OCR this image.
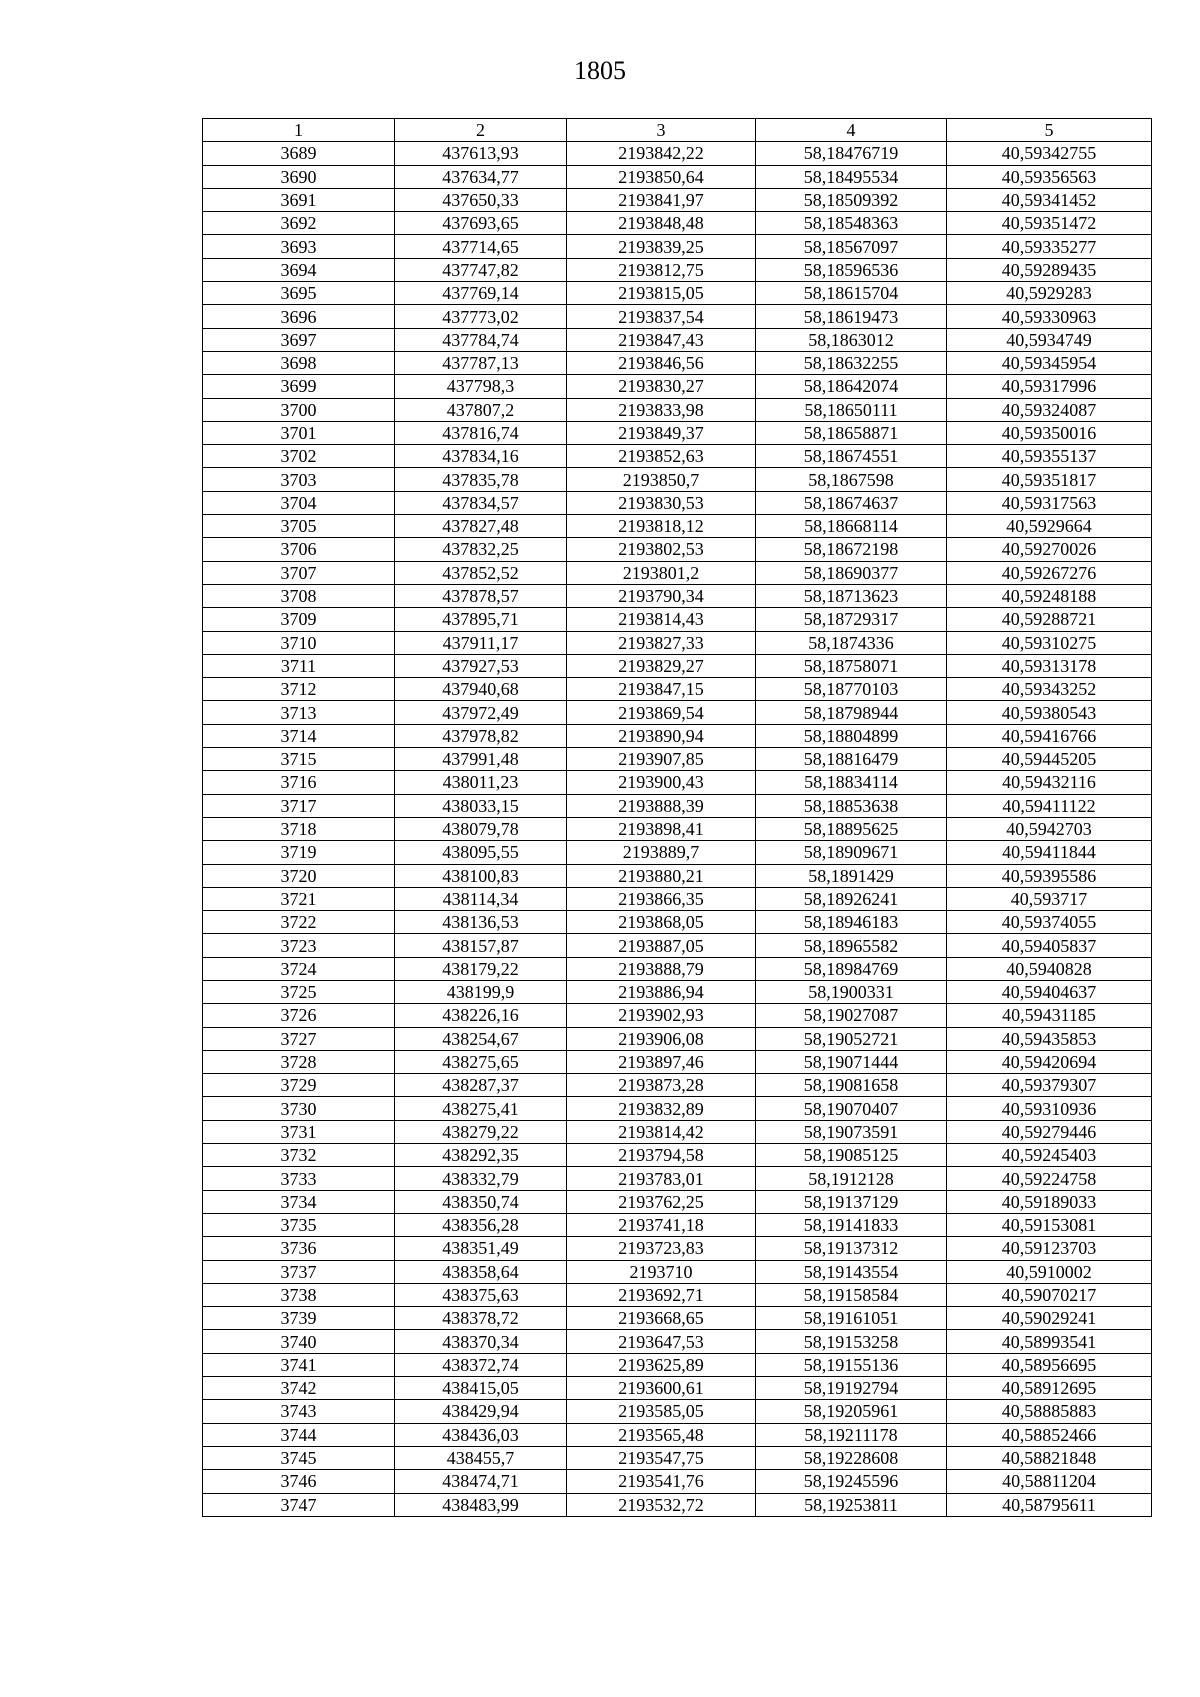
1805
1	2	3	4	5
3689	437613,93	2193842,22	58,18476719	40,59342755
3690	437634,77	2193850,64	58,18495534	40,59356563
3691	437650,33	2193841,97	58,18509392	40,59341452
3692	437693,65	2193848,48	58,18548363	40,59351472
3693	437714,65	2193839,25	58,18567097	40,59335277
3694	437747,82	2193812,75	58,18596536	40,59289435
3695	437769,14	2193815,05	58,18615704	40,5929283
3696	437773,02	2193837,54	58,18619473	40,59330963
3697	437784,74	2193847,43	58,1863012	40,5934749
3698	437787,13	2193846,56	58,18632255	40,59345954
3699	437798,3	2193830,27	58,18642074	40,59317996
3700	437807,2	2193833,98	58,18650111	40,59324087
3701	437816,74	2193849,37	58,18658871	40,59350016
3702	437834,16	2193852,63	58,18674551	40,59355137
3703	437835,78	2193850,7	58,1867598	40,59351817
3704	437834,57	2193830,53	58,18674637	40,59317563
3705	437827,48	2193818,12	58,18668114	40,5929664
3706	437832,25	2193802,53	58,18672198	40,59270026
3707	437852,52	2193801,2	58,18690377	40,59267276
3708	437878,57	2193790,34	58,18713623	40,59248188
3709	437895,71	2193814,43	58,18729317	40,59288721
3710	437911,17	2193827,33	58,1874336	40,59310275
3711	437927,53	2193829,27	58,18758071	40,59313178
3712	437940,68	2193847,15	58,18770103	40,59343252
3713	437972,49	2193869,54	58,18798944	40,59380543
3714	437978,82	2193890,94	58,18804899	40,59416766
3715	437991,48	2193907,85	58,18816479	40,59445205
3716	438011,23	2193900,43	58,18834114	40,59432116
3717	438033,15	2193888,39	58,18853638	40,59411122
3718	438079,78	2193898,41	58,18895625	40,5942703
3719	438095,55	2193889,7	58,18909671	40,59411844
3720	438100,83	2193880,21	58,1891429	40,59395586
3721	438114,34	2193866,35	58,18926241	40,593717
3722	438136,53	2193868,05	58,18946183	40,59374055
3723	438157,87	2193887,05	58,18965582	40,59405837
3724	438179,22	2193888,79	58,18984769	40,5940828
3725	438199,9	2193886,94	58,1900331	40,59404637
3726	438226,16	2193902,93	58,19027087	40,59431185
3727	438254,67	2193906,08	58,19052721	40,59435853
3728	438275,65	2193897,46	58,19071444	40,59420694
3729	438287,37	2193873,28	58,19081658	40,59379307
3730	438275,41	2193832,89	58,19070407	40,59310936
3731	438279,22	2193814,42	58,19073591	40,59279446
3732	438292,35	2193794,58	58,19085125	40,59245403
3733	438332,79	2193783,01	58,1912128	40,59224758
3734	438350,74	2193762,25	58,19137129	40,59189033
3735	438356,28	2193741,18	58,19141833	40,59153081
3736	438351,49	2193723,83	58,19137312	40,59123703
3737	438358,64	2193710	58,19143554	40,5910002
3738	438375,63	2193692,71	58,19158584	40,59070217
3739	438378,72	2193668,65	58,19161051	40,59029241
3740	438370,34	2193647,53	58,19153258	40,58993541
3741	438372,74	2193625,89	58,19155136	40,58956695
3742	438415,05	2193600,61	58,19192794	40,58912695
3743	438429,94	2193585,05	58,19205961	40,58885883
3744	438436,03	2193565,48	58,19211178	40,58852466
3745	438455,7	2193547,75	58,19228608	40,58821848
3746	438474,71	2193541,76	58,19245596	40,58811204
3747	438483,99	2193532,72	58,19253811	40,58795611
